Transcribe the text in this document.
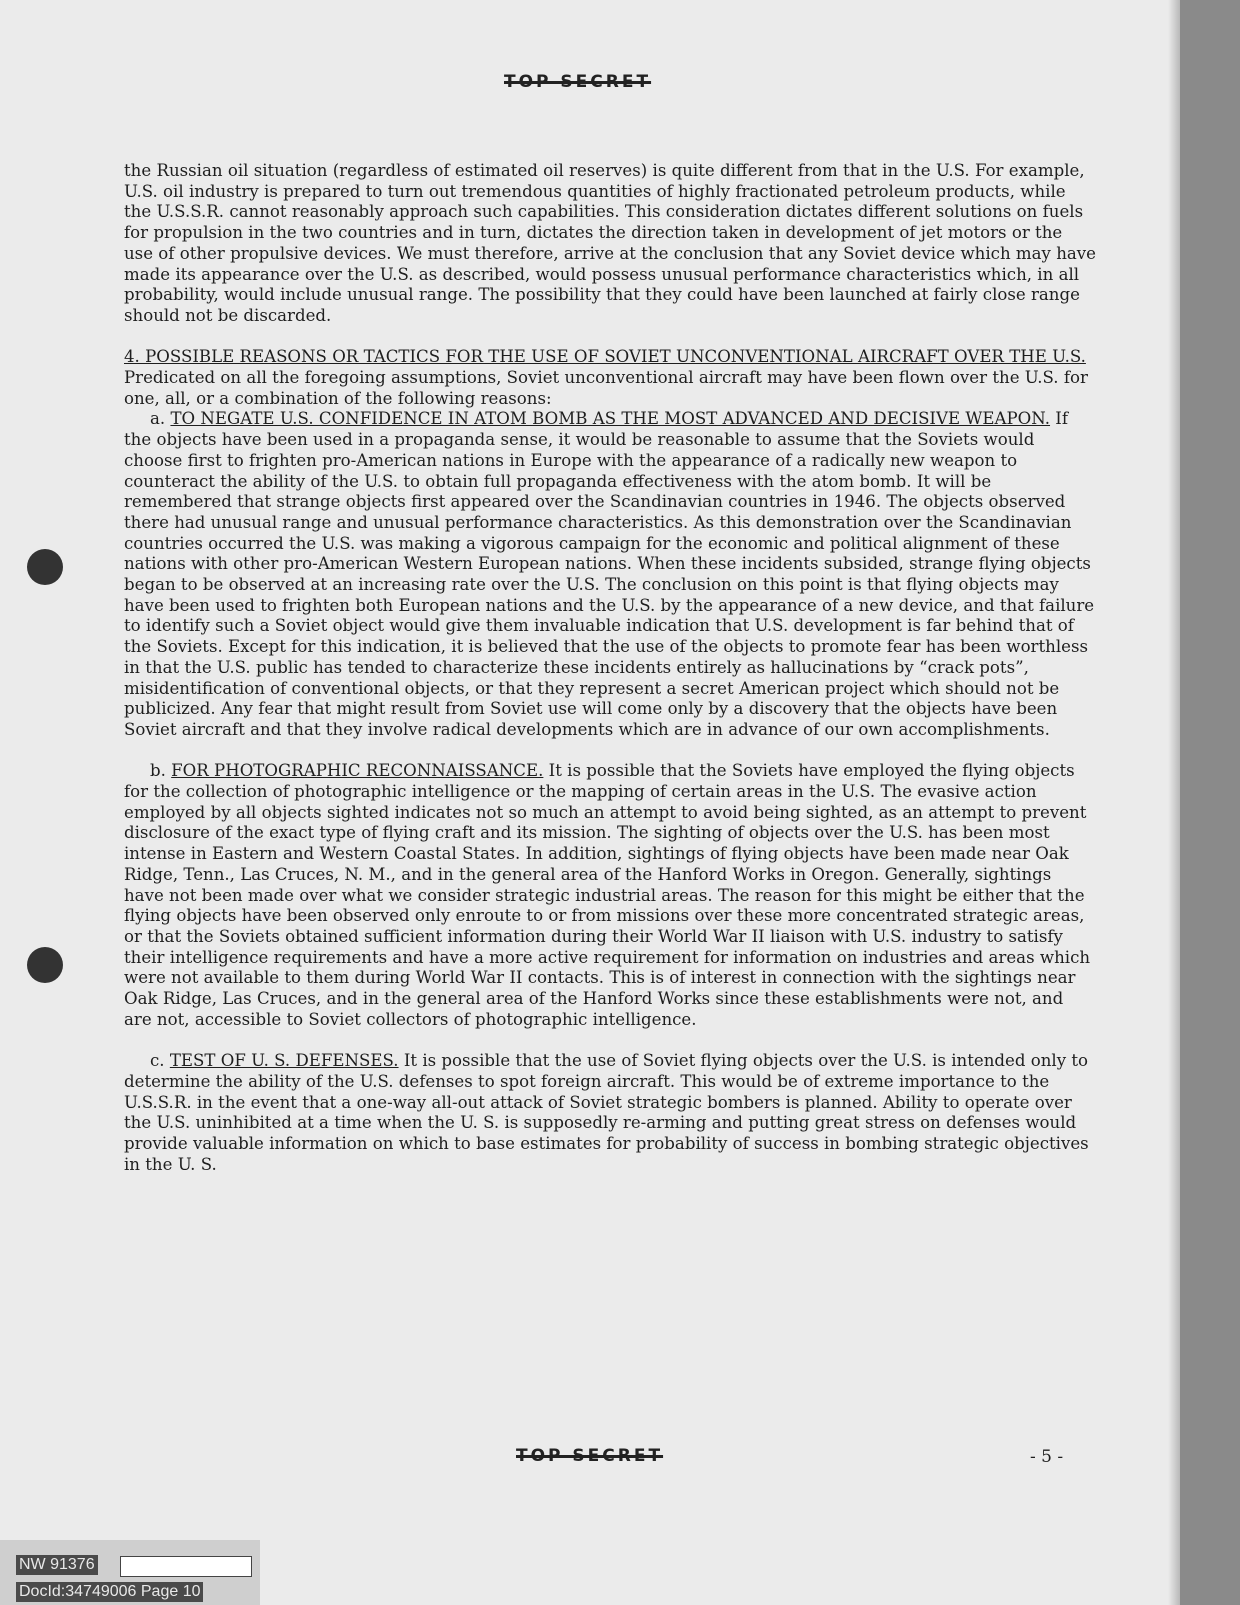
TOP SECRET

the Russian oil situation (regardless of estimated oil reserves) is quite different from that in the U.S. For example, U.S. oil industry is prepared to turn out tremendous quantities of highly fractionated petroleum products, while the U.S.S.R. cannot reasonably approach such capabilities. This consideration dictates different solutions on fuels for propulsion in the two countries and in turn, dictates the direction taken in development of jet motors or the use of other propulsive devices. We must therefore, arrive at the conclusion that any Soviet device which may have made its appearance over the U.S. as described, would possess unusual performance characteristics which, in all probability, would include unusual range. The possibility that they could have been launched at fairly close range should not be discarded.

4. POSSIBLE REASONS OR TACTICS FOR THE USE OF SOVIET UNCONVENTIONAL AIRCRAFT OVER THE U.S. Predicated on all the foregoing assumptions, Soviet unconventional aircraft may have been flown over the U.S. for one, all, or a combination of the following reasons:

a. TO NEGATE U.S. CONFIDENCE IN ATOM BOMB AS THE MOST ADVANCED AND DECISIVE WEAPON. If the objects have been used in a propaganda sense, it would be reasonable to assume that the Soviets would choose first to frighten pro-American nations in Europe with the appearance of a radically new weapon to counteract the ability of the U.S. to obtain full propaganda effectiveness with the atom bomb. It will be remembered that strange objects first appeared over the Scandinavian countries in 1946. The objects observed there had unusual range and unusual performance characteristics. As this demonstration over the Scandinavian countries occurred the U.S. was making a vigorous campaign for the economic and political alignment of these nations with other pro-American Western European nations. When these incidents subsided, strange flying objects began to be observed at an increasing rate over the U.S. The conclusion on this point is that flying objects may have been used to frighten both European nations and the U.S. by the appearance of a new device, and that failure to identify such a Soviet object would give them invaluable indication that U.S. development is far behind that of the Soviets. Except for this indication, it is believed that the use of the objects to promote fear has been worthless in that the U.S. public has tended to characterize these incidents entirely as hallucinations by “crack pots”, misidentification of conventional objects, or that they represent a secret American project which should not be publicized. Any fear that might result from Soviet use will come only by a discovery that the objects have been Soviet aircraft and that they involve radical developments which are in advance of our own accomplishments.

b. FOR PHOTOGRAPHIC RECONNAISSANCE. It is possible that the Soviets have employed the flying objects for the collection of photographic intelligence or the mapping of certain areas in the U.S. The evasive action employed by all objects sighted indicates not so much an attempt to avoid being sighted, as an attempt to prevent disclosure of the exact type of flying craft and its mission. The sighting of objects over the U.S. has been most intense in Eastern and Western Coastal States. In addition, sightings of flying objects have been made near Oak Ridge, Tenn., Las Cruces, N. M., and in the general area of the Hanford Works in Oregon. Generally, sightings have not been made over what we consider strategic industrial areas. The reason for this might be either that the flying objects have been observed only enroute to or from missions over these more concentrated strategic areas, or that the Soviets obtained sufficient information during their World War II liaison with U.S. industry to satisfy their intelligence requirements and have a more active requirement for information on industries and areas which were not available to them during World War II contacts. This is of interest in connection with the sightings near Oak Ridge, Las Cruces, and in the general area of the Hanford Works since these establishments were not, and are not, accessible to Soviet collectors of photographic intelligence.

c. TEST OF U. S. DEFENSES. It is possible that the use of Soviet flying objects over the U.S. is intended only to determine the ability of the U.S. defenses to spot foreign aircraft. This would be of extreme importance to the U.S.S.R. in the event that a one-way all-out attack of Soviet strategic bombers is planned. Ability to operate over the U.S. uninhibited at a time when the U. S. is supposedly re-arming and putting great stress on defenses would provide valuable information on which to base estimates for probability of success in bombing strategic objectives in the U. S.

TOP SECRET	- 5 -
NW 91376
DocId:34749006 Page 10
